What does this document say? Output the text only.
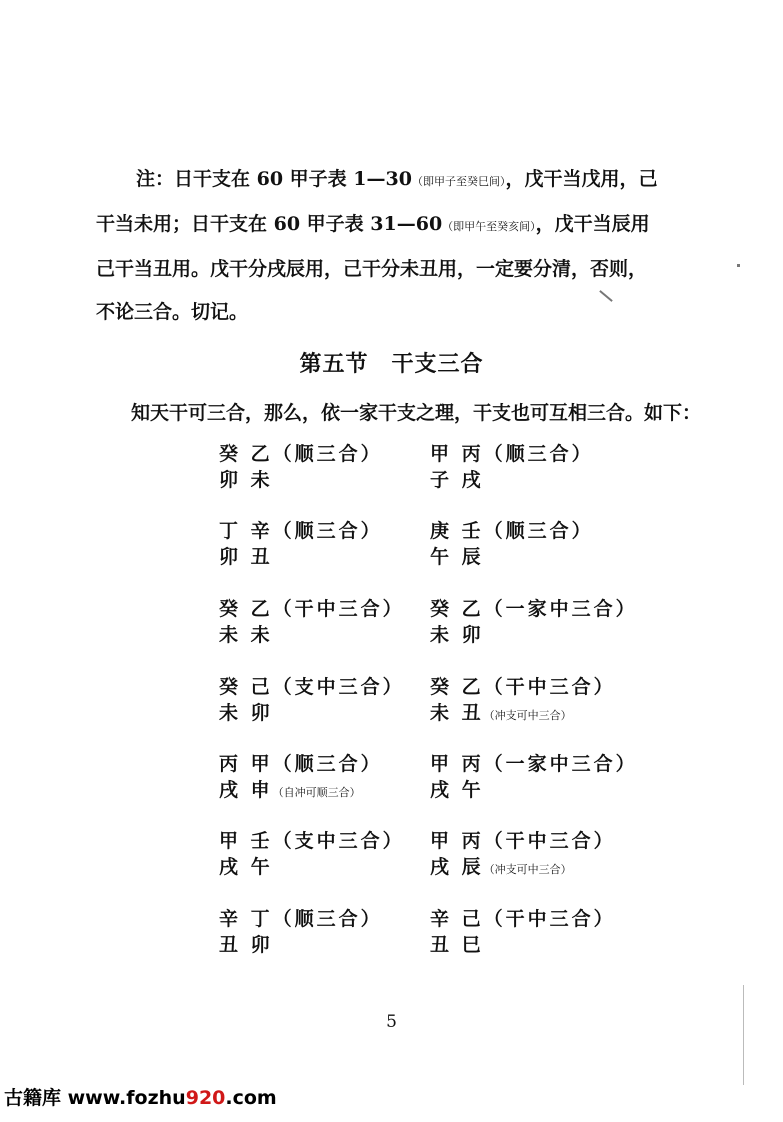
注：日干支在 60 甲子表 1—30（即甲子至癸巳间），戊干当戊用，己

干当未用；日干支在 60 甲子表 31—60（即甲午至癸亥间），戊干当辰用

己干当丑用。戊干分戌辰用，己干分未丑用，一定要分清，否则，

不论三合。切记。

第五节　干支三合
知天干可三合，那么，依一家干支之理，干支也可互相三合。如下：
癸 乙（顺三合）
卯 未
甲 丙（顺三合）
子 戌
丁 辛（顺三合）
卯 丑
庚 壬（顺三合）
午 辰
癸 乙（干中三合）
未 未
癸 乙（一家中三合）
未 卯
癸 己（支中三合）
未 卯
癸 乙（干中三合）
未 丑（冲支可中三合）
丙 甲（顺三合）
戌 申（自冲可顺三合）
甲 丙（一家中三合）
戌 午
甲 壬（支中三合）
戌 午
甲 丙（干中三合）
戌 辰（冲支可中三合）
辛 丁（顺三合）
丑 卯
辛 己（干中三合）
丑 巳
5
古籍库 www.fozhu920.com
